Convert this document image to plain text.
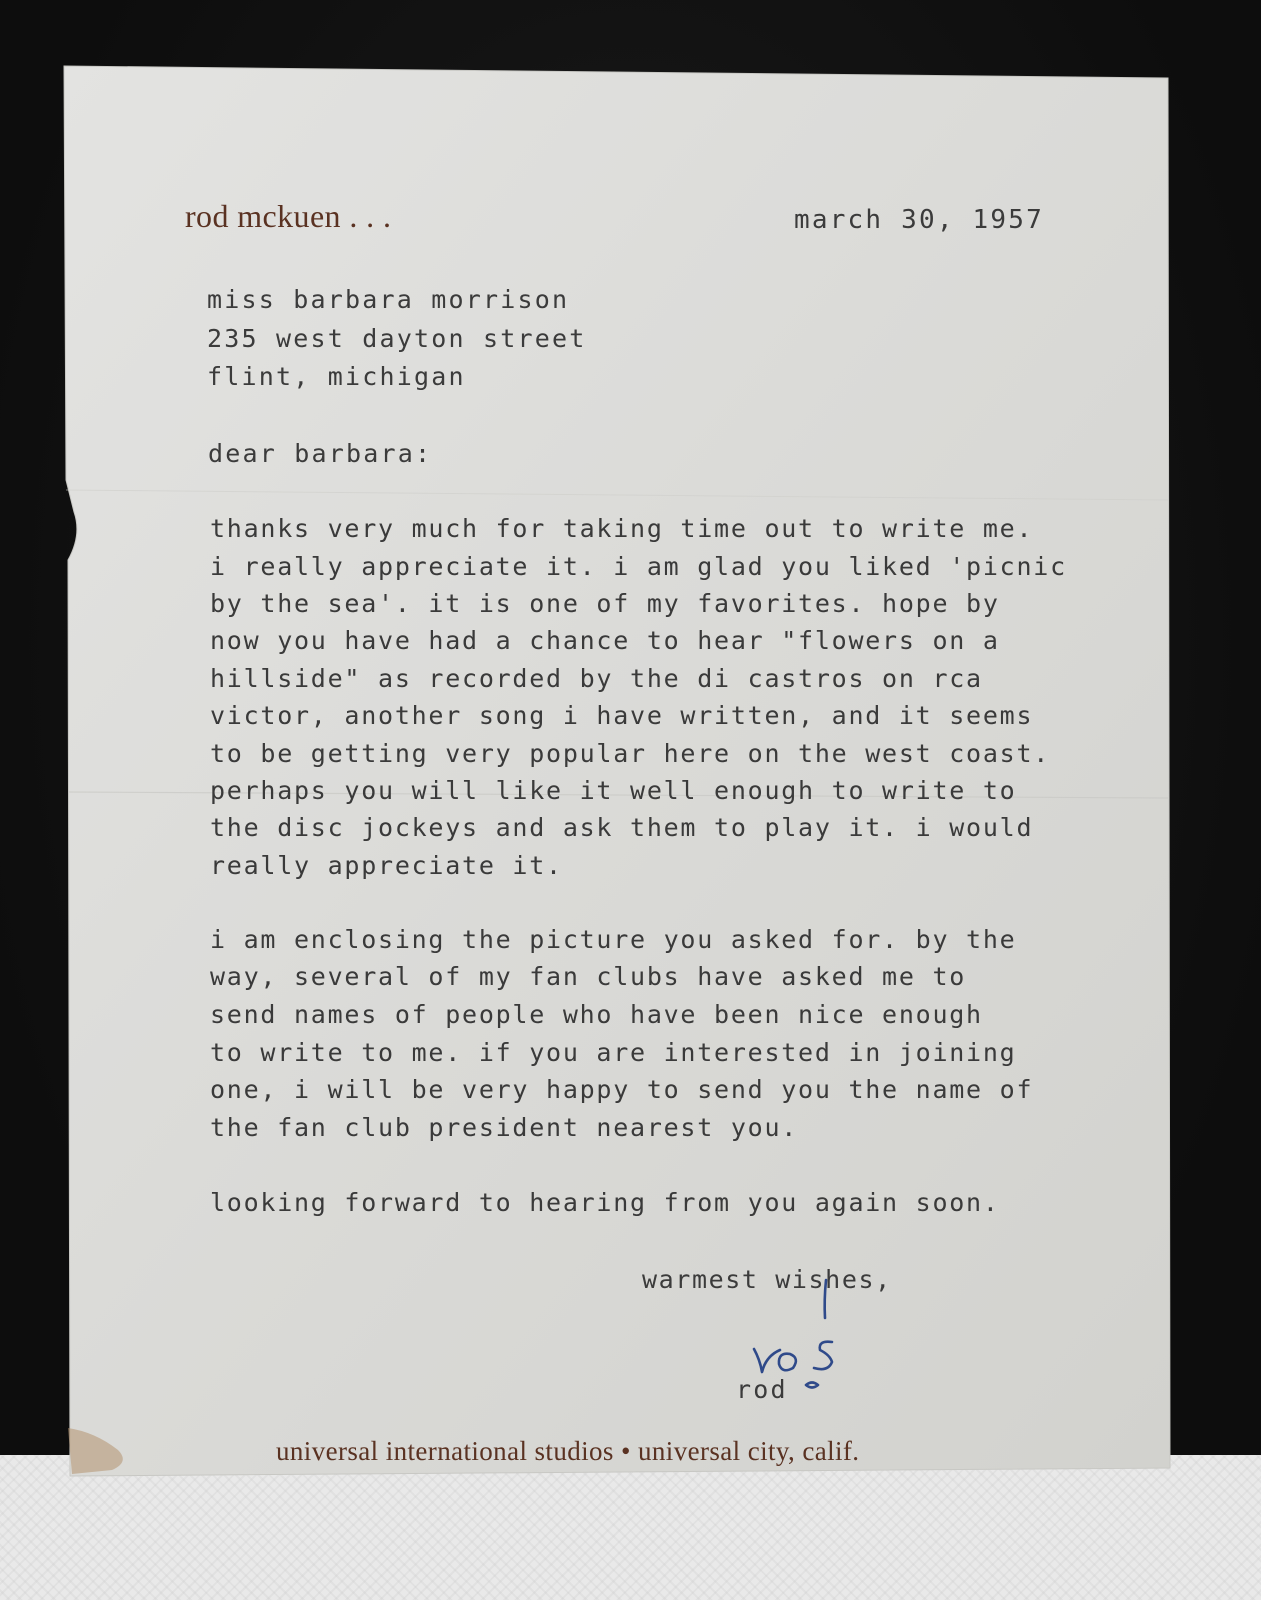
rod mckuen . . .	march 30, 1957

miss barbara morrison

235 west dayton street

flint, michigan

dear barbara:

thanks very much for taking time out to write me.

i really appreciate it. i am glad you liked 'picnic

by the sea'. it is one of my favorites. hope by

now you have had a chance to hear "flowers on a

hillside" as recorded by the di castros on rca

victor, another song i have written, and it seems

to be getting very popular here on the west coast.

perhaps you will like it well enough to write to

the disc jockeys and ask them to play it. i would

really appreciate it.

i am enclosing the picture you asked for. by the

way, several of my fan clubs have asked me to

send names of people who have been nice enough

to write to me. if you are interested in joining

one, i will be very happy to send you the name of

the fan club president nearest you.

looking forward to hearing from you again soon.

warmest wishes,

rod

universal international studios • universal city, calif.
